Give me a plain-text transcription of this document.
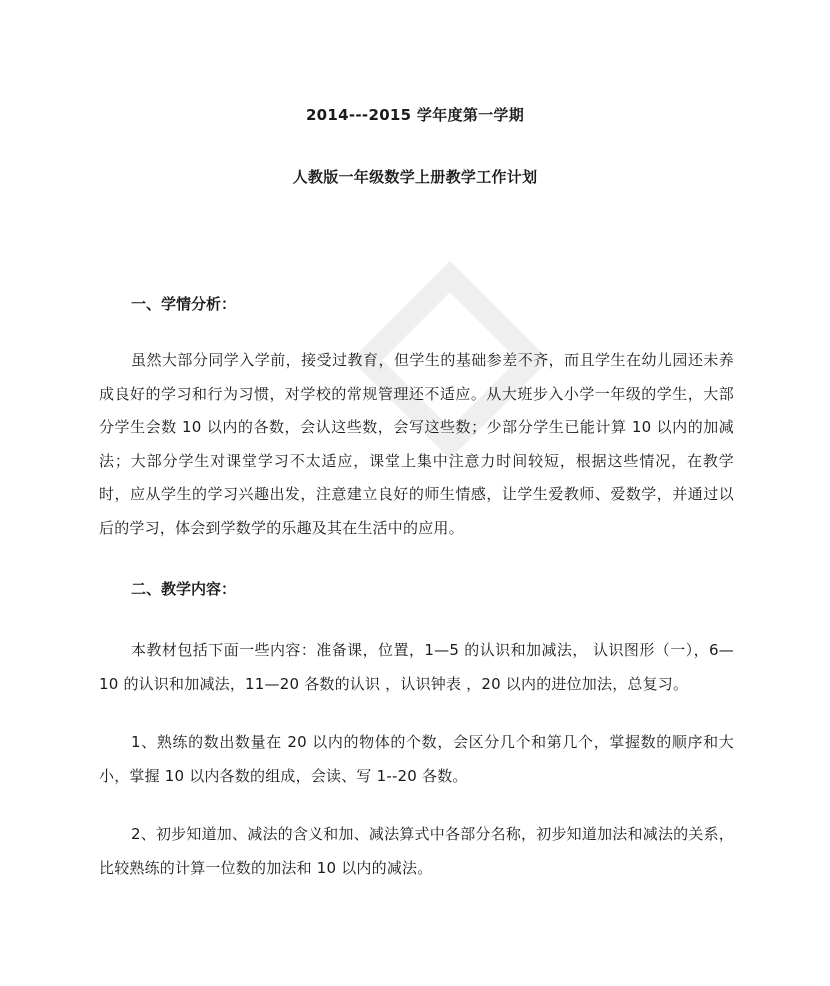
2014---2015 学年度第一学期
人教版一年级数学上册教学工作计划
一、学情分析：
虽然大部分同学入学前，接受过教育，但学生的基础参差不齐，而且学生在幼儿园还未养成良好的学习和行为习惯，对学校的常规管理还不适应。从大班步入小学一年级的学生，大部分学生会数 10 以内的各数，会认这些数，会写这些数；少部分学生已能计算 10 以内的加减法；大部分学生对课堂学习不太适应，课堂上集中注意力时间较短，根据这些情况，在教学时，应从学生的学习兴趣出发，注意建立良好的师生情感，让学生爱教师、爱数学，并通过以后的学习，体会到学数学的乐趣及其在生活中的应用。
二、教学内容：
本教材包括下面一些内容：准备课，位置，1—5 的认识和加减法， 认识图形（一），6—10 的认识和加减法，11—20 各数的认识 ，认识钟表 ，20 以内的进位加法，总复习。
1、熟练的数出数量在 20 以内的物体的个数，会区分几个和第几个，掌握数的顺序和大小，掌握 10 以内各数的组成，会读、写 1--20 各数。
2、初步知道加、减法的含义和加、减法算式中各部分名称，初步知道加法和减法的关系，比较熟练的计算一位数的加法和 10 以内的减法。
